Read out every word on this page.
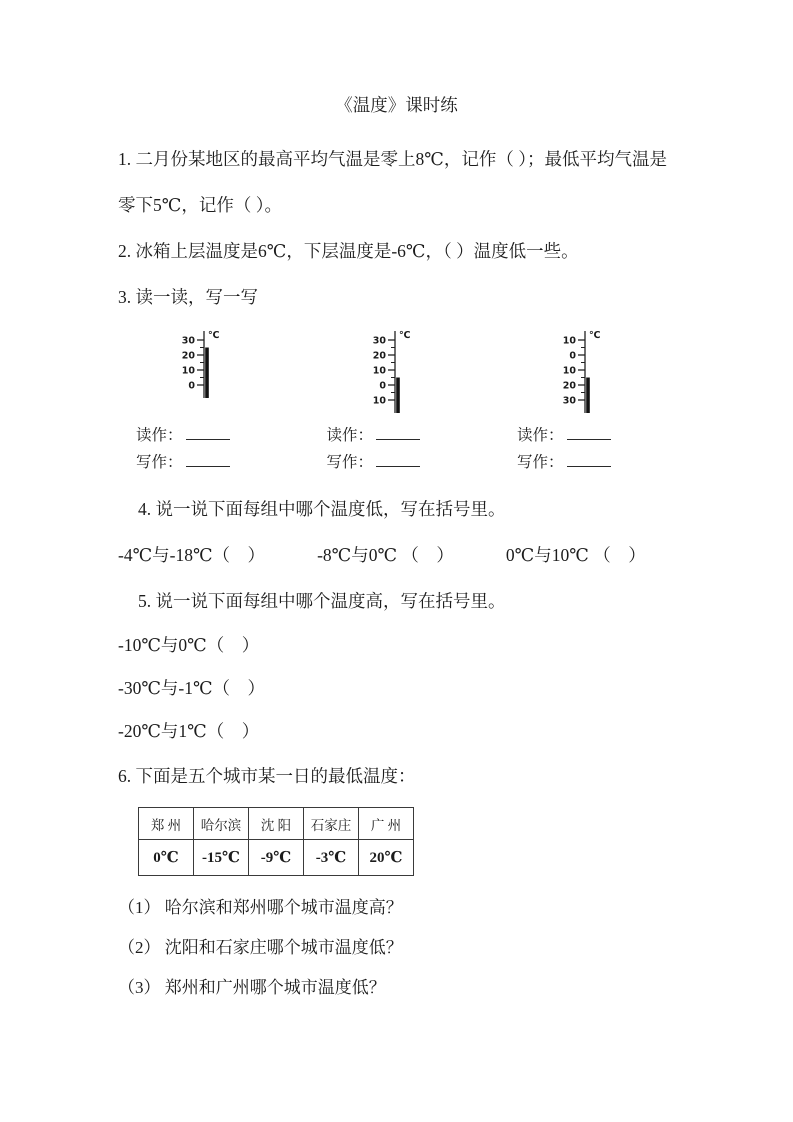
《温度》课时练

1. 二月份某地区的最高平均气温是零上8℃，记作（ ）；最低平均气温是零下5℃，记作（ ）。

2. 冰箱上层温度是6℃，下层温度是-6℃，（ ）温度低一些。

3. 读一读，写一写

℃
30
20
10
0
读作：
写作：
℃
30
20
10
0
10
读作：
写作：
℃
10
0
10
20
30
读作：
写作：

4. 说一说下面每组中哪个温度低，写在括号里。

-4℃与-18℃（　）	-8℃与0℃ （　）	0℃与10℃ （　）

5. 说一说下面每组中哪个温度高，写在括号里。

-10℃与0℃（　）

-30℃与-1℃（　）

-20℃与1℃（　）

6. 下面是五个城市某一日的最低温度：

郑 州	哈尔滨	沈 阳	石家庄	广 州
0℃	-15℃	-9℃	-3℃	20℃

（1） 哈尔滨和郑州哪个城市温度高？

（2） 沈阳和石家庄哪个城市温度低？

（3） 郑州和广州哪个城市温度低？
